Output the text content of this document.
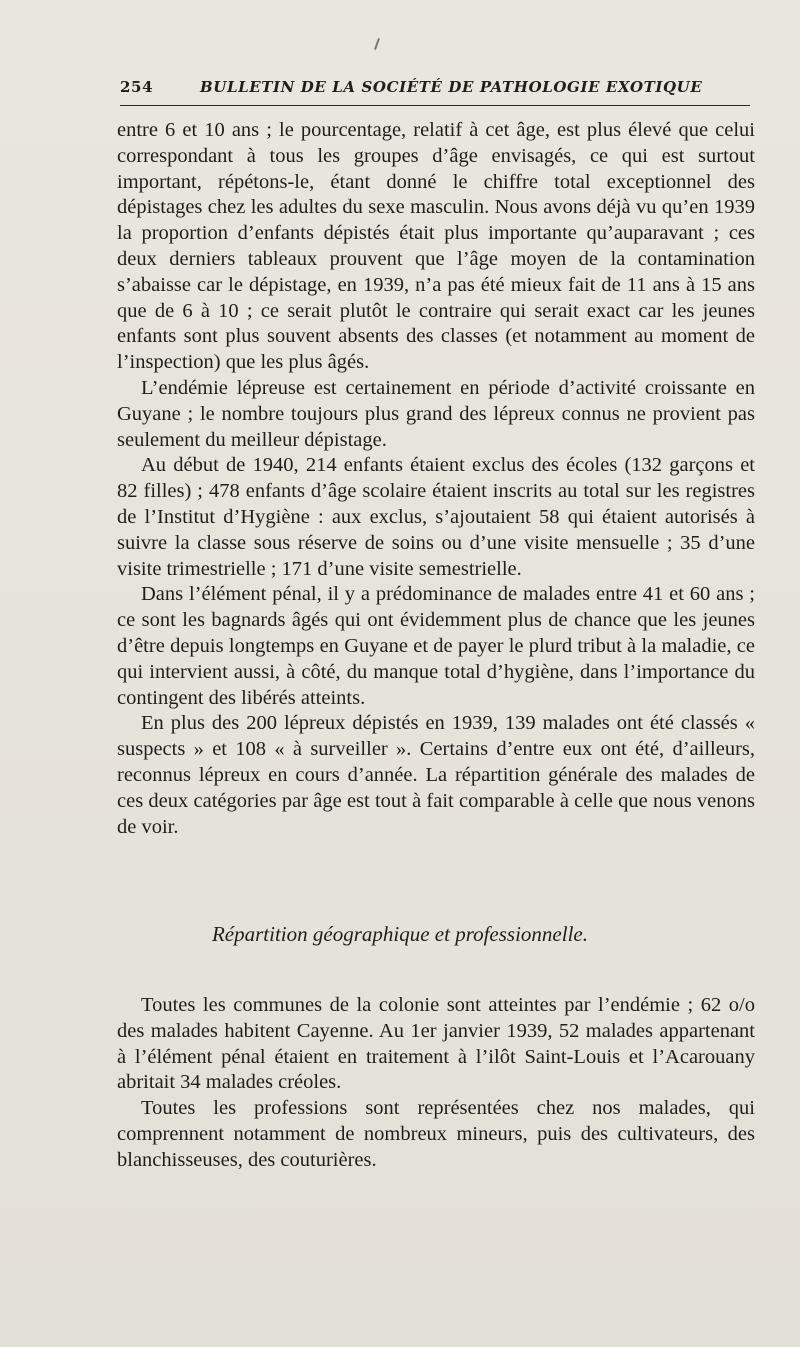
254	BULLETIN DE LA SOCIÉTÉ DE PATHOLOGIE EXOTIQUE

entre 6 et 10 ans ; le pourcentage, relatif à cet âge, est plus élevé que celui correspondant à tous les groupes d’âge envisagés, ce qui est surtout important, répétons-le, étant donné le chiffre total exceptionnel des dépistages chez les adultes du sexe masculin. Nous avons déjà vu qu’en 1939 la proportion d’enfants dépistés était plus importante qu’auparavant ; ces deux derniers tableaux prouvent que l’âge moyen de la contamination s’abaisse car le dépistage, en 1939, n’a pas été mieux fait de 11 ans à 15 ans que de 6 à 10 ; ce serait plutôt le contraire qui serait exact car les jeunes enfants sont plus souvent absents des classes (et notamment au moment de l’inspection) que les plus âgés.

L’endémie lépreuse est certainement en période d’activité croissante en Guyane ; le nombre toujours plus grand des lépreux connus ne provient pas seulement du meilleur dépistage.

Au début de 1940, 214 enfants étaient exclus des écoles (132 garçons et 82 filles) ; 478 enfants d’âge scolaire étaient inscrits au total sur les registres de l’Institut d’Hygiène : aux exclus, s’ajoutaient 58 qui étaient autorisés à suivre la classe sous réserve de soins ou d’une visite mensuelle ; 35 d’une visite trimestrielle ; 171 d’une visite semestrielle.

Dans l’élément pénal, il y a prédominance de malades entre 41 et 60 ans ; ce sont les bagnards âgés qui ont évidemment plus de chance que les jeunes d’être depuis longtemps en Guyane et de payer le plurd tribut à la maladie, ce qui intervient aussi, à côté, du manque total d’hygiène, dans l’importance du contingent des libérés atteints.

En plus des 200 lépreux dépistés en 1939, 139 malades ont été classés « suspects » et 108 « à surveiller ». Certains d’entre eux ont été, d’ailleurs, reconnus lépreux en cours d’année. La répartition générale des malades de ces deux catégories par âge est tout à fait comparable à celle que nous venons de voir.

Répartition géographique et professionnelle.

Toutes les communes de la colonie sont atteintes par l’endémie ; 62 o/o des malades habitent Cayenne. Au 1er janvier 1939, 52 malades appartenant à l’élément pénal étaient en traitement à l’ilôt Saint-Louis et l’Acarouany abritait 34 malades créoles.

Toutes les professions sont représentées chez nos malades, qui comprennent notamment de nombreux mineurs, puis des cultivateurs, des blanchisseuses, des couturières.
